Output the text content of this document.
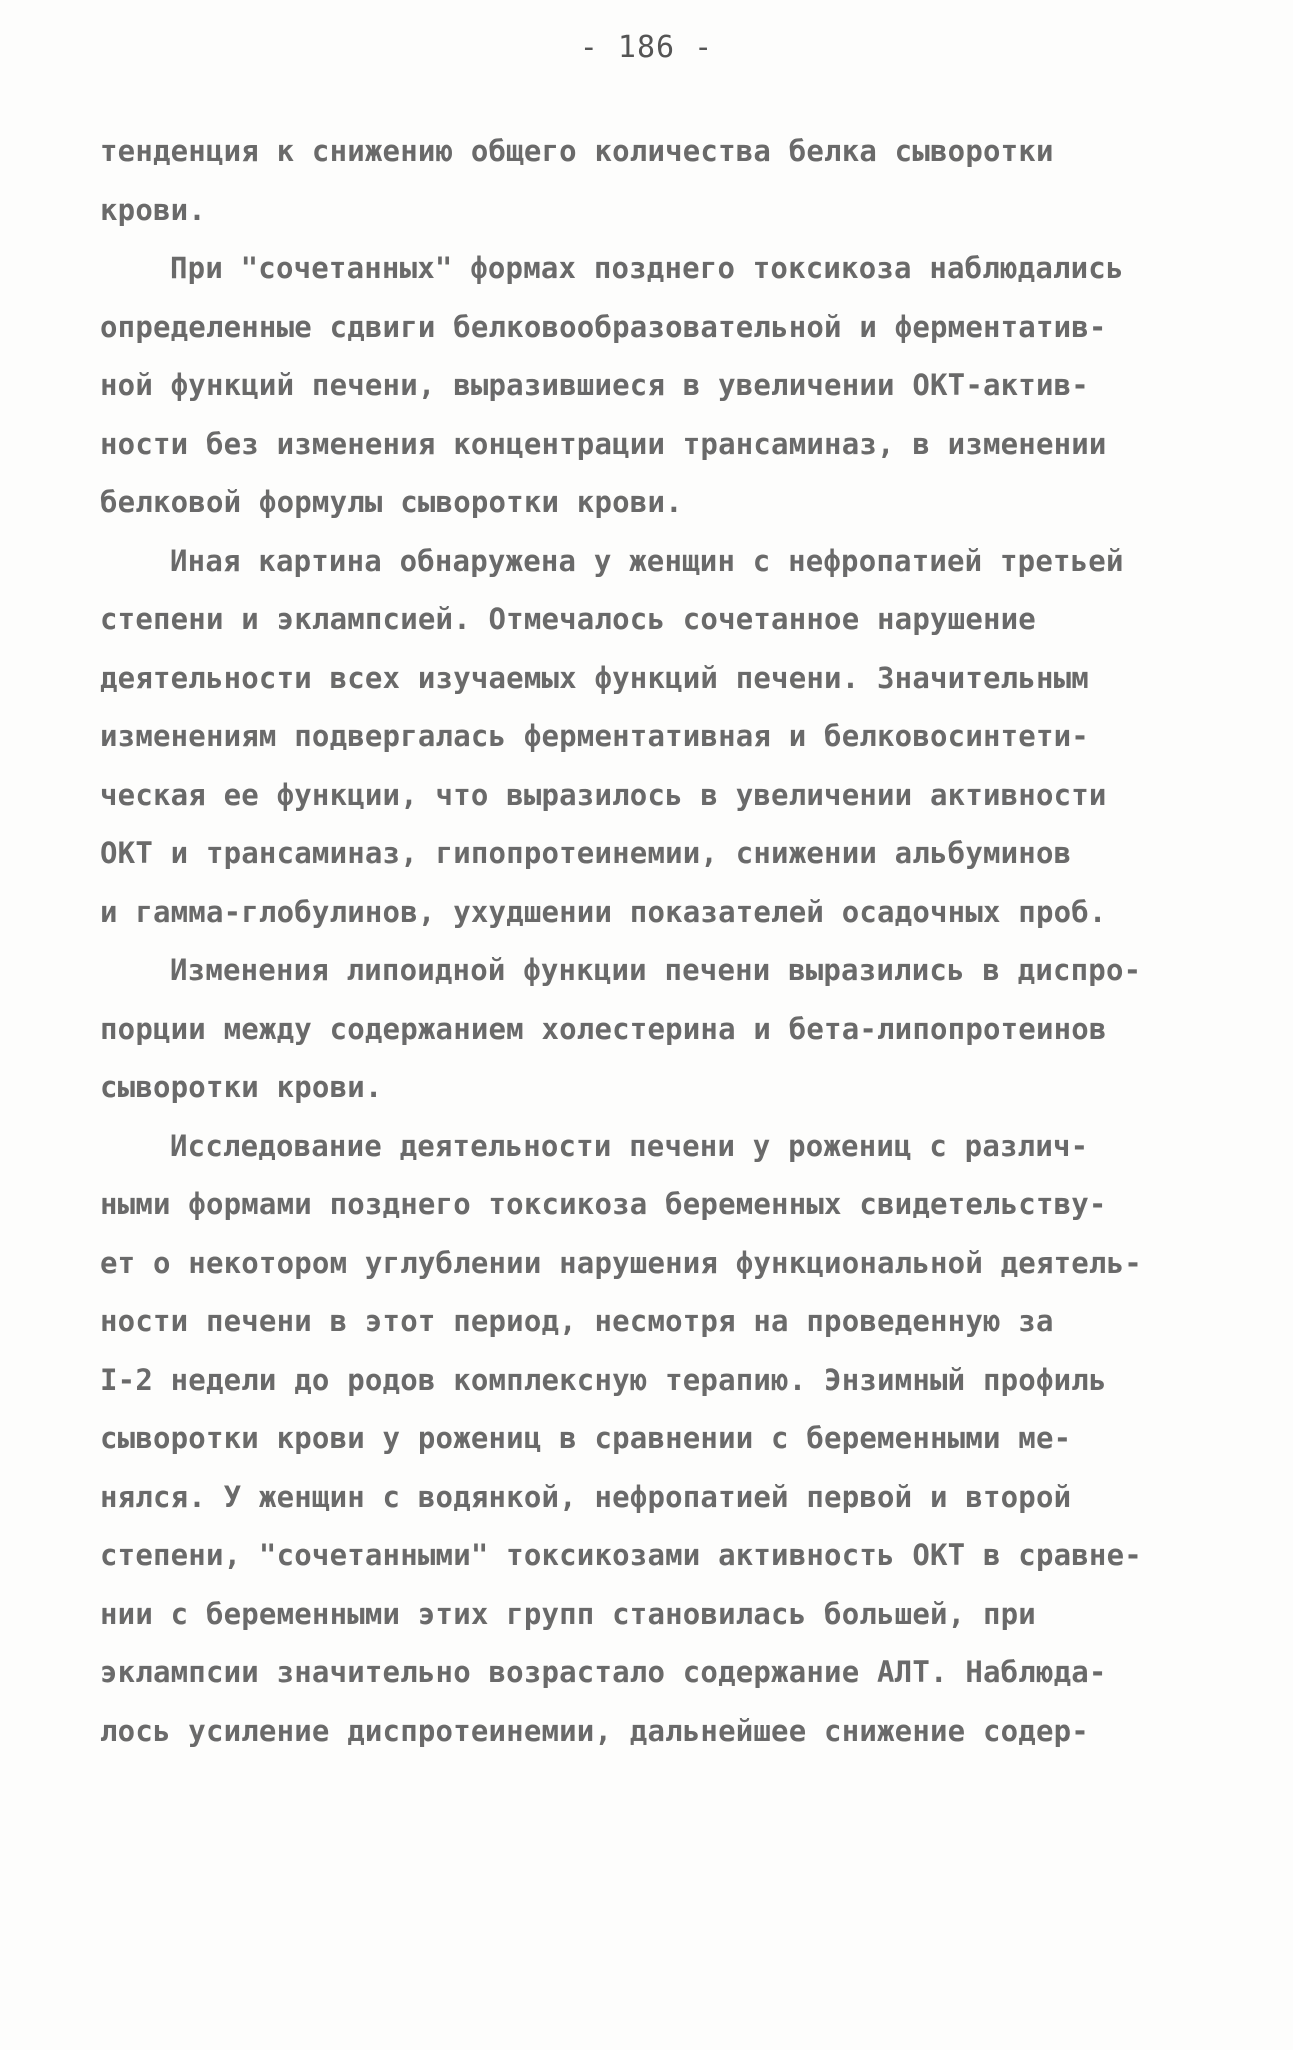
- 186 -
тенденция к снижению общего количества белка сыворотки
крови.
При "сочетанных" формах позднего токсикоза наблюдались
определенные сдвиги белковообразовательной и ферментатив-
ной функций печени, выразившиеся в увеличении ОКТ-актив-
ности без изменения концентрации трансаминаз, в изменении
белковой формулы сыворотки крови.
Иная картина обнаружена у женщин с нефропатией третьей
степени и эклампсией. Отмечалось сочетанное нарушение
деятельности всех изучаемых функций печени. Значительным
изменениям подвергалась ферментативная и белковосинтети-
ческая ее функции, что выразилось в увеличении активности
ОКТ и трансаминаз, гипопротеинемии, снижении альбуминов
и гамма-глобулинов, ухудшении показателей осадочных проб.
Изменения липоидной функции печени выразились в диспро-
порции между содержанием холестерина и бета-липопротеинов
сыворотки крови.
Исследование деятельности печени у рожениц с различ-
ными формами позднего токсикоза беременных свидетельству-
ет о некотором углублении нарушения функциональной деятель-
ности печени в этот период, несмотря на проведенную за
I-2 недели до родов комплексную терапию. Энзимный профиль
сыворотки крови у рожениц в сравнении с беременными ме-
нялся. У женщин с водянкой, нефропатией первой и второй
степени, "сочетанными" токсикозами активность ОКТ в сравне-
нии с беременными этих групп становилась большей, при
эклампсии значительно возрастало содержание АЛТ. Наблюда-
лось усиление диспротеинемии, дальнейшее снижение содер-
